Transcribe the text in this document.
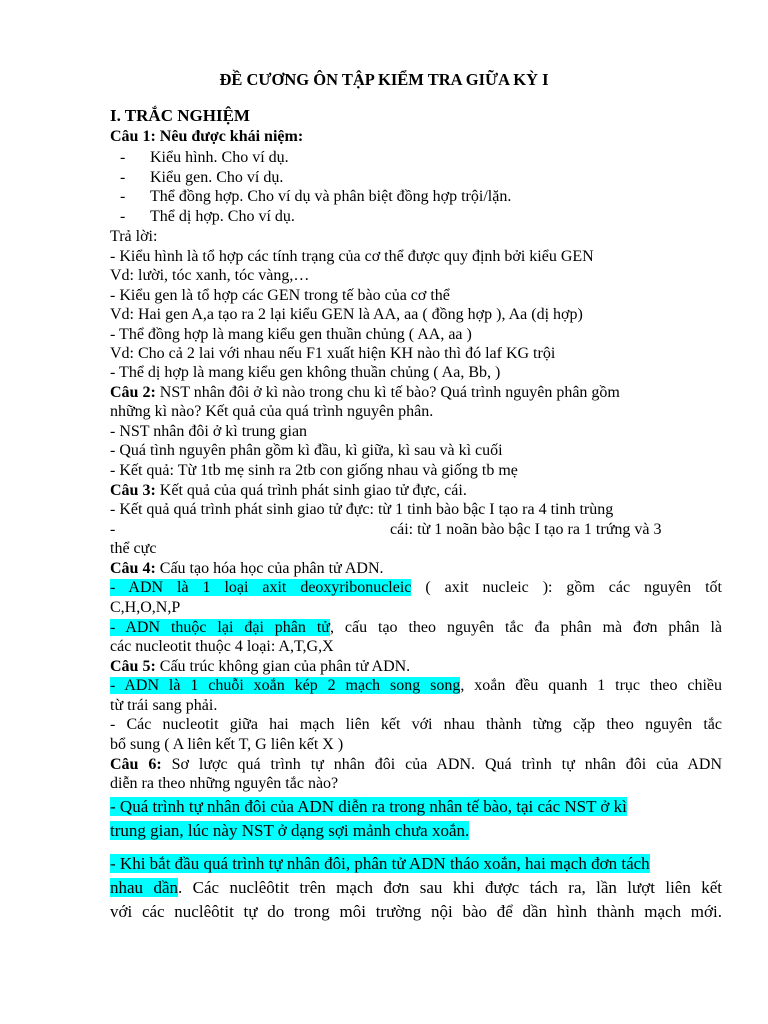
ĐỀ CƯƠNG ÔN TẬP KIỂM TRA GIỮA KỲ I
I. TRẮC NGHIỆM
Câu 1: Nêu được khái niệm:
- Kiểu hình. Cho ví dụ.
- Kiểu gen. Cho ví dụ.
- Thể đồng hợp. Cho ví dụ và phân biệt đồng hợp trội/lặn.
- Thể dị hợp. Cho ví dụ.
Trả lời:
- Kiểu hình là tổ hợp các tính trạng của cơ thể được quy định bởi kiểu GEN
Vd: lười, tóc xanh, tóc vàng,…
- Kiểu gen là tổ hợp các GEN trong tế bào của cơ thể
Vd: Hai gen A,a tạo ra 2 lại kiểu GEN là AA, aa ( đồng hợp ), Aa (dị hợp)
- Thể đồng hợp là mang kiểu gen thuần chủng ( AA, aa )
Vd: Cho cả 2 lai với nhau nếu F1 xuất hiện KH nào thì đó laf KG trội
- Thể dị hợp là mang kiểu gen không thuần chủng ( Aa, Bb, )
Câu 2: NST nhân đôi ở kì nào trong chu kì tế bào? Quá trình nguyên phân gồm
những kì nào? Kết quả của quá trình nguyên phân.
- NST nhân đôi ở kì trung gian
- Quá tình nguyên phân gồm kì đầu, kì giữa, kì sau và kì cuối
- Kết quả: Từ 1tb mẹ sinh ra 2tb con giống nhau và giống tb mẹ
Câu 3: Kết quả của quá trình phát sinh giao tử đực, cái.
- Kết quả quá trình phát sinh giao tử đực: từ 1 tinh bào bậc I tạo ra 4 tinh trùng
-	cái: từ 1 noãn bào bậc I tạo ra 1 trứng và 3
thể cực
Câu 4: Cấu tạo hóa học của phân tử ADN.
- ADN là 1 loại axit deoxyribonucleic ( axit nucleic ): gồm các nguyên tốt
C,H,O,N,P
- ADN thuộc lại đại phân tử, cấu tạo theo nguyên tắc đa phân mà đơn phân là
các nucleotit thuộc 4 loại: A,T,G,X
Câu 5: Cấu trúc không gian của phân tử ADN.
- ADN là 1 chuỗi xoắn kép 2 mạch song song, xoắn đều quanh 1 trục theo chiều
từ trái sang phải.
- Các nucleotit giữa hai mạch liên kết với nhau thành từng cặp theo nguyên tắc
bổ sung ( A liên kết T, G liên kết X )
Câu 6: Sơ lược quá trình tự nhân đôi của ADN. Quá trình tự nhân đôi của ADN
diễn ra theo những nguyên tắc nào?
- Quá trình tự nhân đôi của ADN diễn ra trong nhân tế bào, tại các NST ở kì
trung gian, lúc này NST ở dạng sợi mảnh chưa xoắn.
- Khi bắt đầu quá trình tự nhân đôi, phân tử ADN tháo xoắn, hai mạch đơn tách
nhau dần. Các nuclêôtit trên mạch đơn sau khi được tách ra, lần lượt liên kết
với các nuclêôtit tự do trong môi trường nội bào để dần hình thành mạch mới.
